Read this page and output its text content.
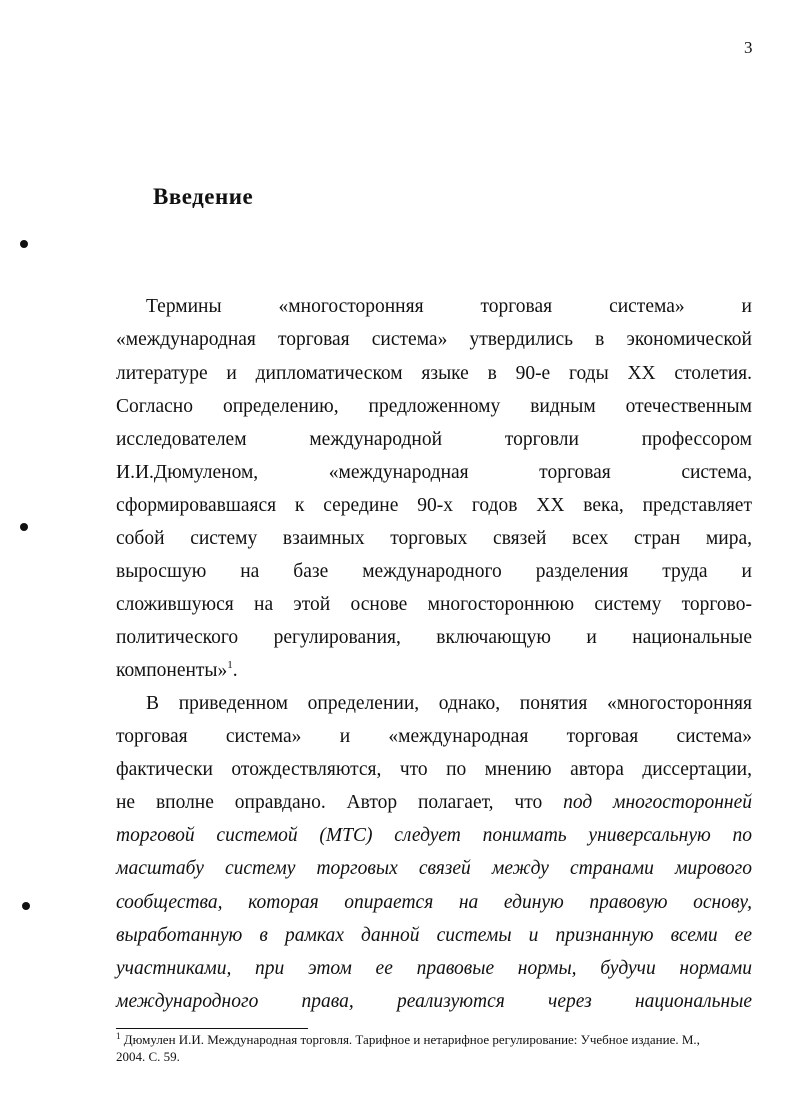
3
Введение
Термины «многосторонняя торговая система» и
«международная торговая система» утвердились в экономической
литературе и дипломатическом языке в 90-е годы ХХ столетия.
Согласно определению, предложенному видным отечественным
исследователем международной торговли профессором
И.И.Дюмуленом, «международная торговая система,
сформировавшаяся к середине 90-х годов ХХ века, представляет
собой систему взаимных торговых связей всех стран мира,
выросшую на базе международного разделения труда и
сложившуюся на этой основе многостороннюю систему торгово-
политического регулирования, включающую и национальные
компоненты»$^1$.
В приведенном определении, однако, понятия «многосторонняя
торговая система» и «международная торговая система»
фактически отождествляются, что по мнению автора диссертации,
не вполне оправдано. Автор полагает, что под многосторонней
торговой системой (МТС) следует понимать универсальную по
масштабу систему торговых связей между странами мирового
сообщества, которая опирается на единую правовую основу,
выработанную в рамках данной системы и признанную всеми ее
участниками, при этом ее правовые нормы, будучи нормами
международного права, реализуются через национальные
$^1$ Дюмулен И.И. Международная торговля. Тарифное и нетарифное регулирование: Учебное издание. М.,
2004. С. 59.
